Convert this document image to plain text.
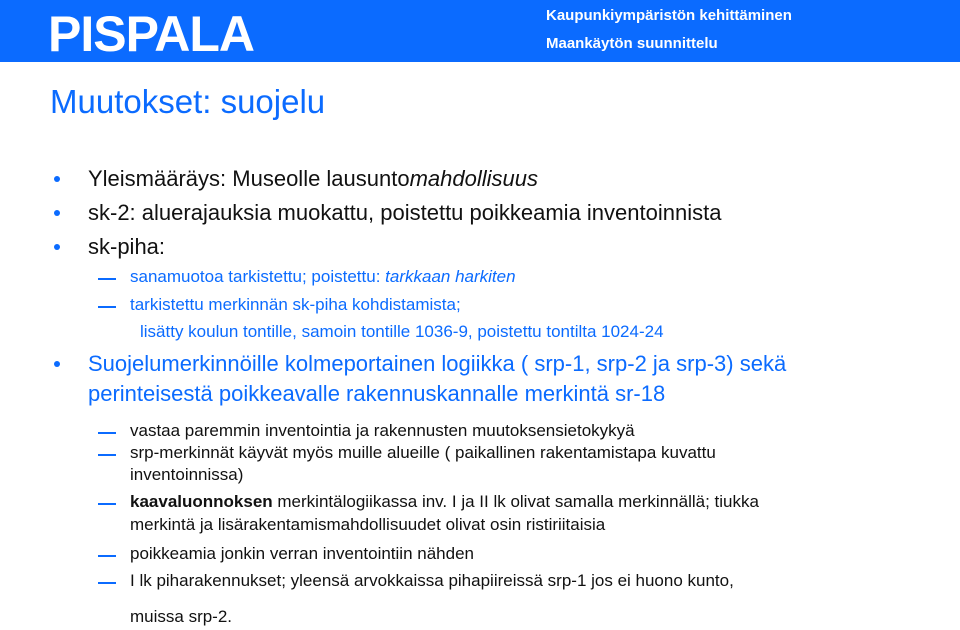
PISPALA	Kaupunkiympäristön kehittäminen
Maankäytön suunnittelu
Muutokset: suojelu
Yleismääräys: Museolle lausuntomahdollisuus
sk-2: aluerajauksia muokattu, poistettu poikkeamia inventoinnista
sk-piha:
sanamuotoa tarkistettu; poistettu: tarkkaan harkiten
tarkistettu merkinnän sk-piha kohdistamista;
lisätty koulun tontille, samoin tontille 1036-9, poistettu tontilta 1024-24
Suojelumerkinnöille kolmeportainen logiikka ( srp-1, srp-2 ja srp-3) sekä
perinteisestä poikkeavalle rakennuskannalle merkintä sr-18
vastaa paremmin inventointia ja rakennusten muutoksensietokykyä
srp-merkinnät käyvät myös muille alueille ( paikallinen rakentamistapa kuvattu
inventoinnissa)
kaavaluonnoksen merkintälogiikassa inv. I ja II lk olivat samalla merkinnällä; tiukka
merkintä ja lisärakentamismahdollisuudet olivat osin ristiriitaisia
poikkeamia jonkin verran inventointiin nähden
I lk piharakennukset; yleensä arvokkaissa pihapiireissä srp-1 jos ei huono kunto,
muissa srp-2.
